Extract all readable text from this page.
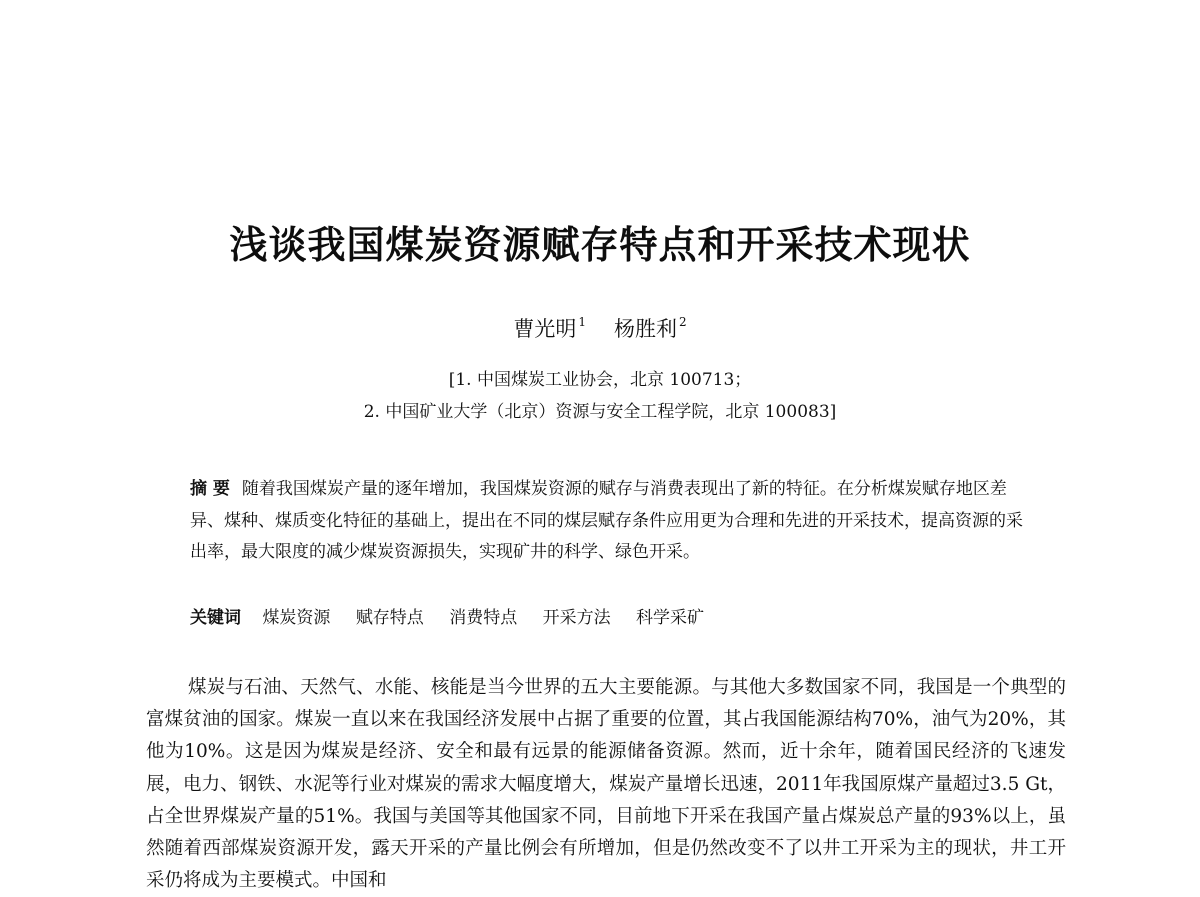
浅谈我国煤炭资源赋存特点和开采技术现状
曹光明 $^1$ 杨胜利 $^2$
[1. 中国煤炭工业协会，北京 100713；
2. 中国矿业大学（北京）资源与安全工程学院，北京 100083]
摘 要 随着我国煤炭产量的逐年增加，我国煤炭资源的赋存与消费表现出了新的特征。在分析煤炭赋存地区差异、煤种、煤质变化特征的基础上，提出在不同的煤层赋存条件应用更为合理和先进的开采技术，提高资源的采出率，最大限度的减少煤炭资源损失，实现矿井的科学、绿色开采。
关键词 煤炭资源 赋存特点 消费特点 开采方法 科学采矿
煤炭与石油、天然气、水能、核能是当今世界的五大主要能源。与其他大多数国家不同，我国是一个典型的富煤贫油的国家。煤炭一直以来在我国经济发展中占据了重要的位置，其占我国能源结构70%，油气为20%，其他为10%。这是因为煤炭是经济、安全和最有远景的能源储备资源。然而，近十余年，随着国民经济的飞速发展，电力、钢铁、水泥等行业对煤炭的需求大幅度增大，煤炭产量增长迅速，2011年我国原煤产量超过3.5 Gt，占全世界煤炭产量的51%。我国与美国等其他国家不同，目前地下开采在我国产量占煤炭总产量的93%以上，虽然随着西部煤炭资源开发，露天开采的产量比例会有所增加，但是仍然改变不了以井工开采为主的现状，井工开采仍将成为主要模式。中国和
